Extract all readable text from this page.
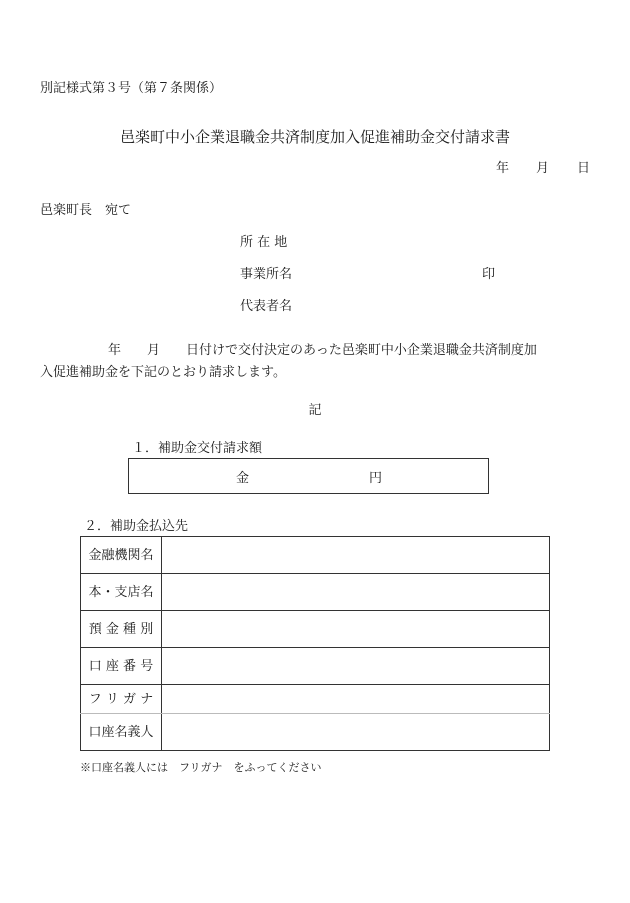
別記様式第３号（第７条関係）
邑楽町中小企業退職金共済制度加入促進補助金交付請求書
年 月 日
邑楽町長　宛て
所 在 地
事業所名	印
代表者名
年　　月　　日付けで交付決定のあった邑楽町中小企業退職金共済制度加
入促進補助金を下記のとおり請求します。
記
１．補助金交付請求額
金	円
２．補助金払込先
金融機関名	
本・支店名	
預 金 種 別	
口 座 番 号	
フ リ ガ ナ	
口座名義人	
※口座名義人には　フリガナ　をふってください
